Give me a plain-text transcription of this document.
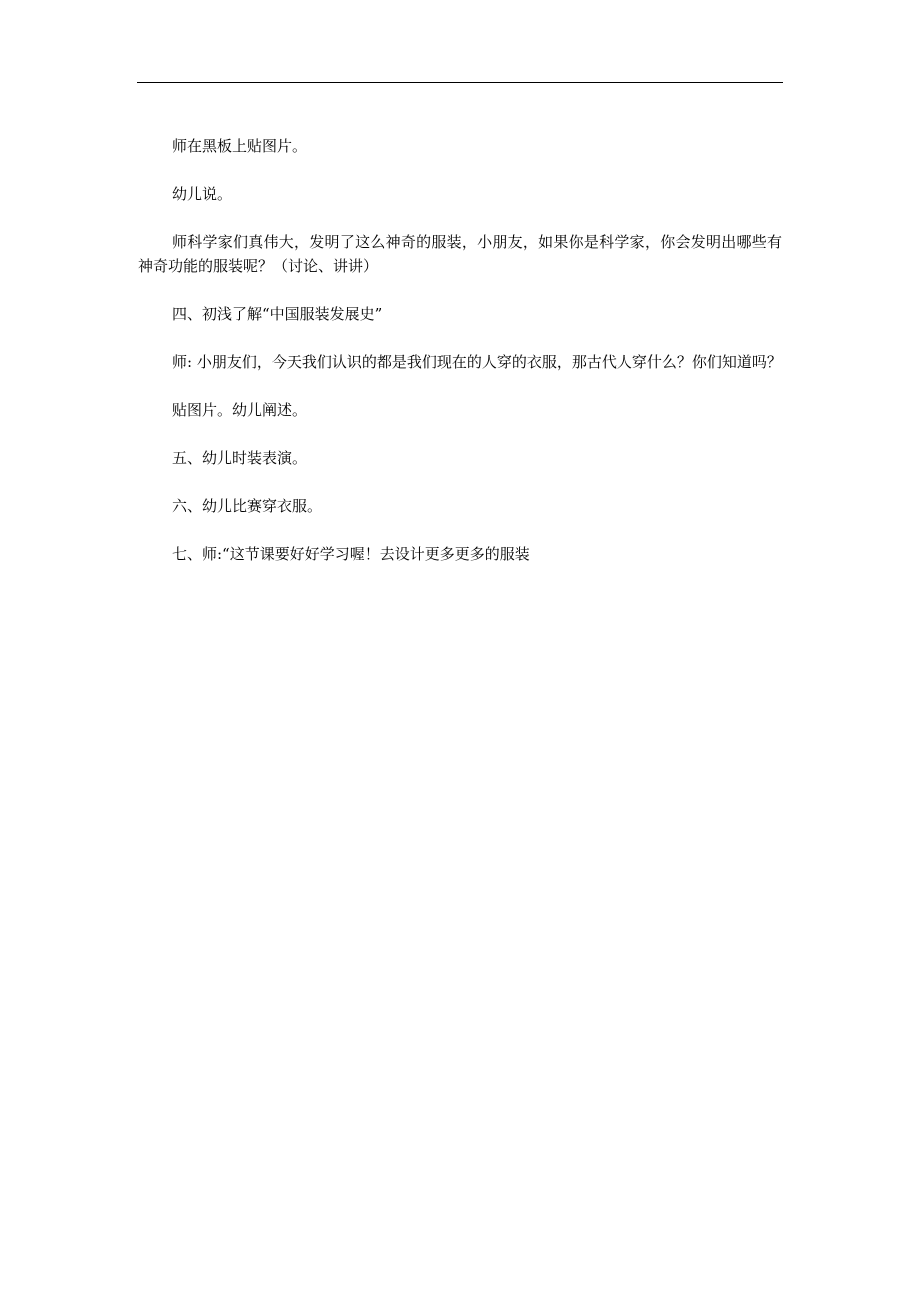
师在黑板上贴图片。

幼儿说。

师科学家们真伟大，发明了这么神奇的服装，小朋友，如果你是科学家，你会发明出哪些有神奇功能的服装呢？（讨论、讲讲）

四、初浅了解“中国服装发展史”

师: 小朋友们，今天我们认识的都是我们现在的人穿的衣服，那古代人穿什么？你们知道吗？

贴图片。幼儿阐述。

五、幼儿时装表演。

六、幼儿比赛穿衣服。

七、师:“这节课要好好学习喔！去设计更多更多的服装
